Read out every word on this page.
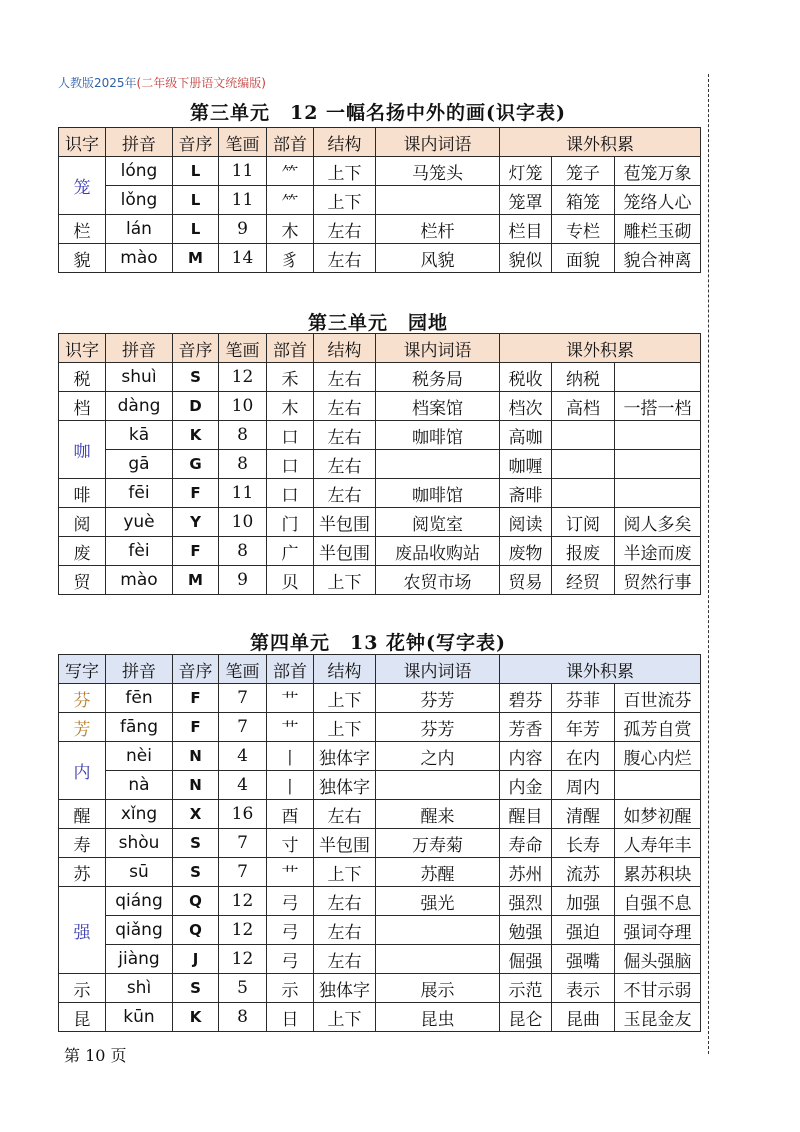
人教版2025年(二年级下册语文统编版)
第三单元　12 一幅名扬中外的画(识字表)
识字	拼音	音序	笔画	部首	结构	课内词语	课外积累		
笼	lóng	L	11	⺮	上下	马笼头	灯笼	笼子	苞笼万象
	lǒng	L	11	⺮	上下		笼罩	箱笼	笼络人心
栏	lán	L	9	木	左右	栏杆	栏目	专栏	雕栏玉砌
貌	mào	M	14	豸	左右	风貌	貌似	面貌	貌合神离
第三单元　园地
识字	拼音	音序	笔画	部首	结构	课内词语	课外积累		
税	shuì	S	12	禾	左右	税务局	税收	纳税	
档	dàng	D	10	木	左右	档案馆	档次	高档	一搭一档
咖	kā	K	8	口	左右	咖啡馆	高咖		
	gā	G	8	口	左右		咖喱		
啡	fēi	F	11	口	左右	咖啡馆	斋啡		
阅	yuè	Y	10	门	半包围	阅览室	阅读	订阅	阅人多矣
废	fèi	F	8	广	半包围	废品收购站	废物	报废	半途而废
贸	mào	M	9	贝	上下	农贸市场	贸易	经贸	贸然行事
第四单元　13 花钟(写字表)
写字	拼音	音序	笔画	部首	结构	课内词语	课外积累		
芬	fēn	F	7	艹	上下	芬芳	碧芬	芬菲	百世流芬
芳	fāng	F	7	艹	上下	芬芳	芳香	年芳	孤芳自赏
内	nèi	N	4	丨	独体字	之内	内容	在内	腹心内烂
	nà	N	4	丨	独体字		内金	周内	
醒	xǐng	X	16	酉	左右	醒来	醒目	清醒	如梦初醒
寿	shòu	S	7	寸	半包围	万寿菊	寿命	长寿	人寿年丰
苏	sū	S	7	艹	上下	苏醒	苏州	流苏	累苏积块
强	qiáng	Q	12	弓	左右	强光	强烈	加强	自强不息
	qiǎng	Q	12	弓	左右		勉强	强迫	强词夺理
	jiàng	J	12	弓	左右		倔强	强嘴	倔头强脑
示	shì	S	5	示	独体字	展示	示范	表示	不甘示弱
昆	kūn	K	8	日	上下	昆虫	昆仑	昆曲	玉昆金友
第 10 页
